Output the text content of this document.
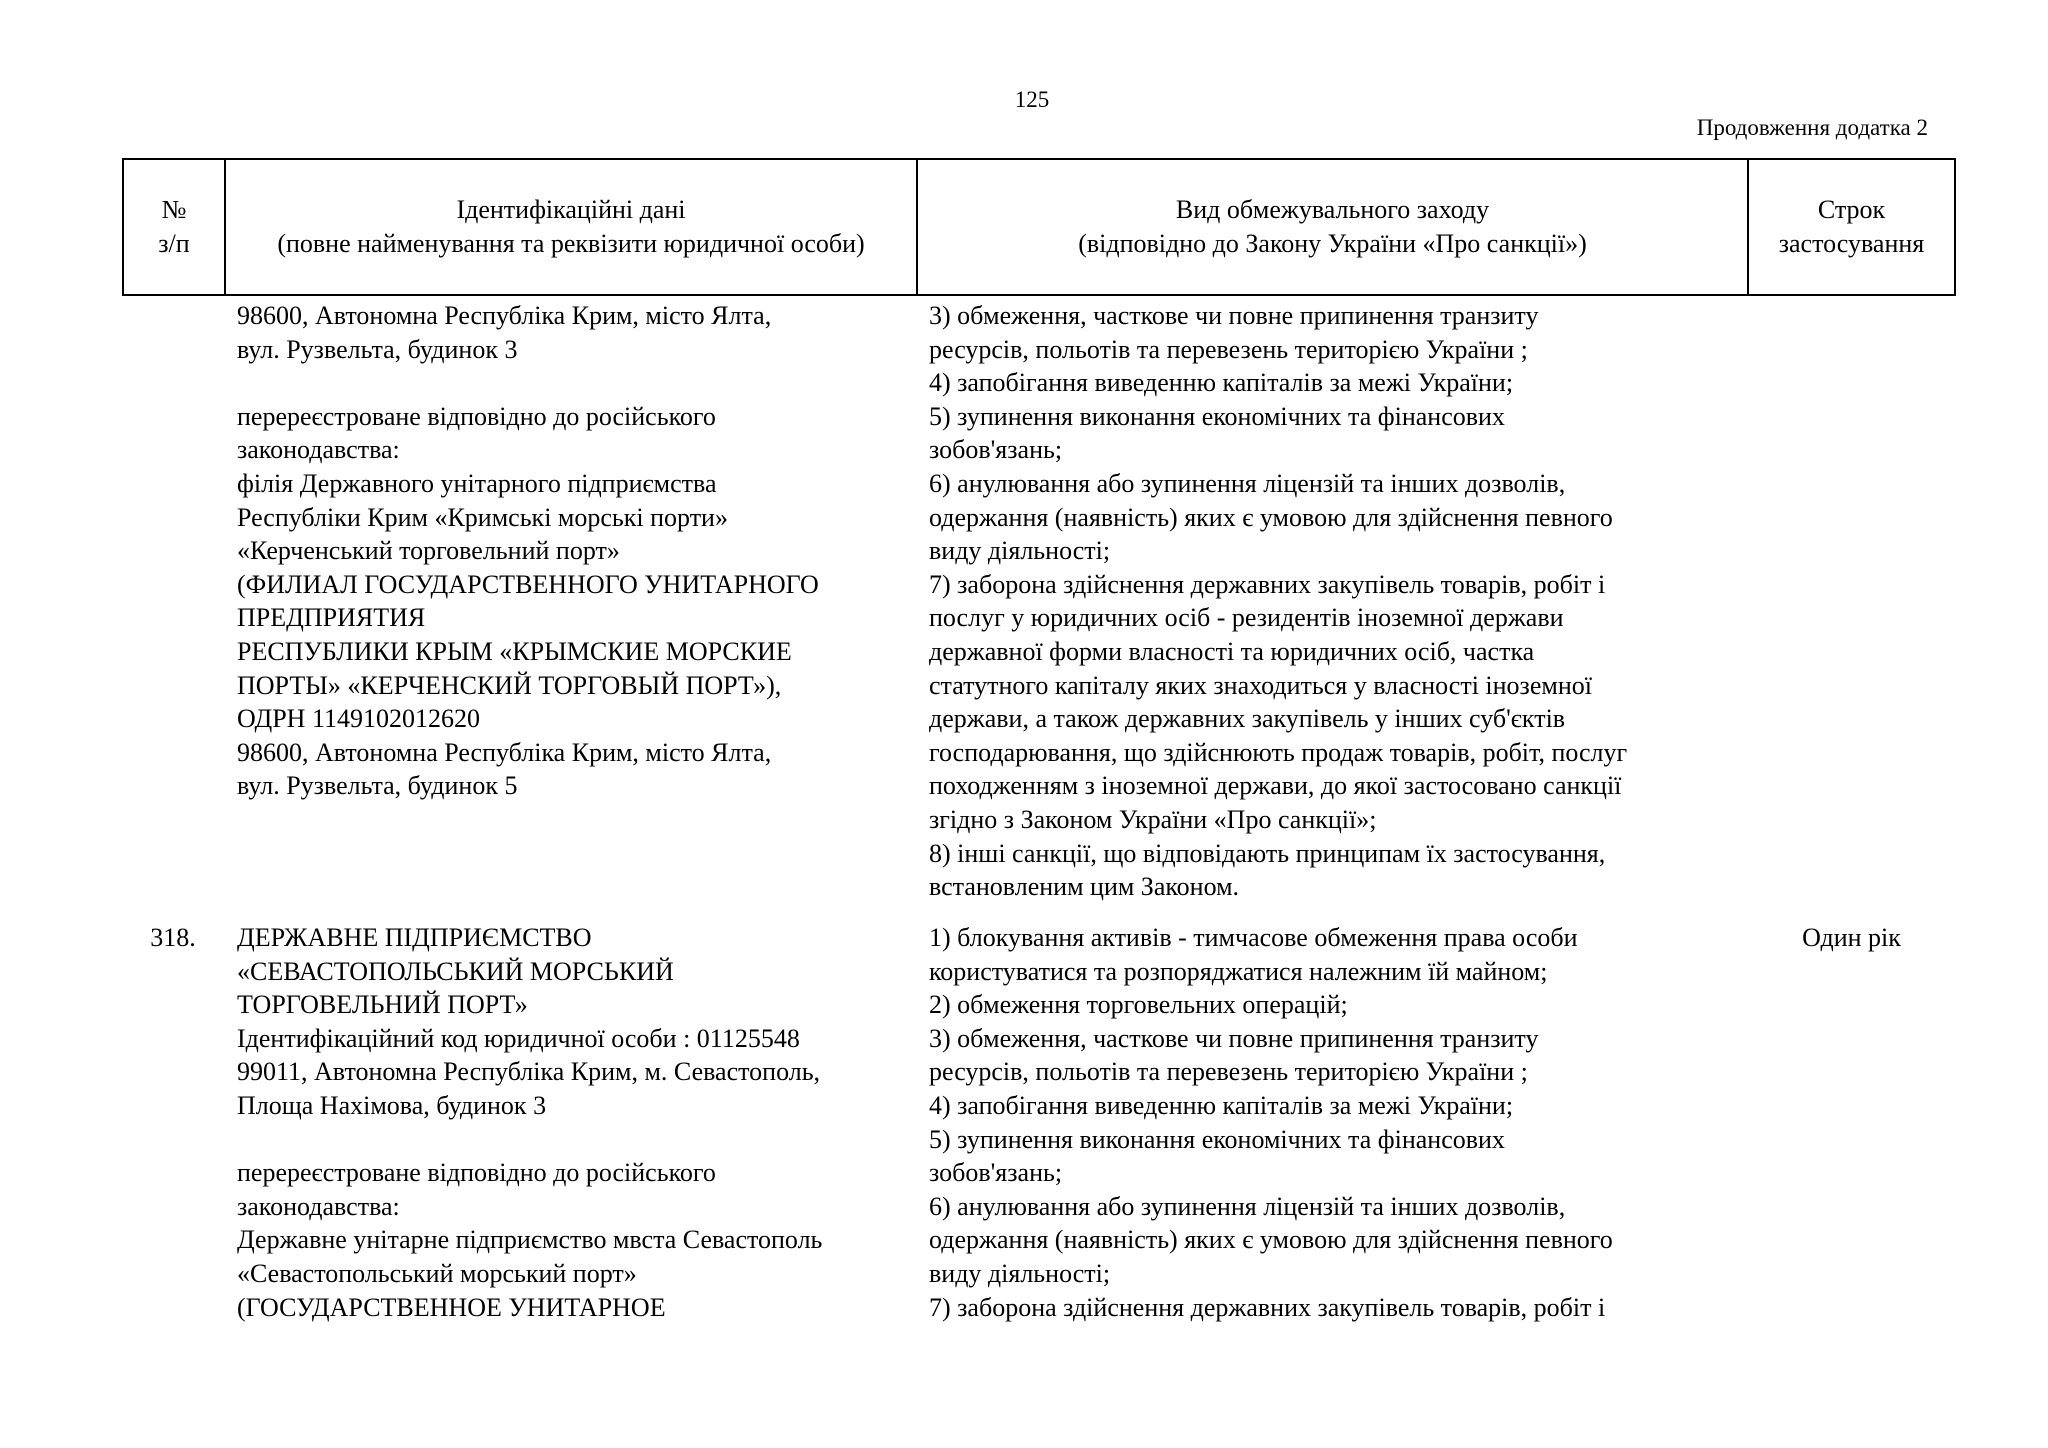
125
Продовження додатка 2
№
з/п
Ідентифікаційні дані
(повне найменування та реквізити юридичної особи)
Вид обмежувального заходу
(відповідно до Закону України «Про санкції»)
Строк
застосування
98600, Автономна Республіка Крим, місто Ялта,
вул. Рузвельта, будинок 3
перереєстроване відповідно до російського
законодавства:
філія Державного унітарного підприємства
Республіки Крим «Кримські морські порти»
«Керченський торговельний порт»
(ФИЛИАЛ ГОСУДАРСТВЕННОГО УНИТАРНОГО
ПРЕДПРИЯТИЯ
РЕСПУБЛИКИ КРЫМ «КРЫМСКИЕ МОРСКИЕ
ПОРТЫ» «КЕРЧЕНСКИЙ ТОРГОВЫЙ ПОРТ»),
ОДРН 1149102012620
98600, Автономна Республіка Крим, місто Ялта,
вул. Рузвельта, будинок 5
3) обмеження, часткове чи повне припинення транзиту
ресурсів, польотів та перевезень територією України ;
4) запобігання виведенню капіталів за межі України;
5) зупинення виконання економічних та фінансових
зобов'язань;
6) анулювання або зупинення ліцензій та інших дозволів,
одержання (наявність) яких є умовою для здійснення певного
виду діяльності;
7) заборона здійснення державних закупівель товарів, робіт і
послуг у юридичних осіб - резидентів іноземної держави
державної форми власності та юридичних осіб, частка
статутного капіталу яких знаходиться у власності іноземної
держави, а також державних закупівель у інших суб'єктів
господарювання, що здійснюють продаж товарів, робіт, послуг
походженням з іноземної держави, до якої застосовано санкції
згідно з Законом України «Про санкції»;
8) інші санкції, що відповідають принципам їх застосування,
встановленим цим Законом.
318.	ДЕРЖАВНЕ ПІДПРИЄМСТВО
«СЕВАСТОПОЛЬСЬКИЙ МОРСЬКИЙ
ТОРГОВЕЛЬНИЙ ПОРТ»
Ідентифікаційний код юридичної особи : 01125548
99011, Автономна Республіка Крим, м. Севастополь,
Площа Нахімова, будинок 3
перереєстроване відповідно до російського
законодавства:
Державне унітарне підприємство мвста Севастополь
«Севастопольський морський порт»
(ГОСУДАРСТВЕННОЕ УНИТАРНОЕ
1) блокування активів - тимчасове обмеження права особи
користуватися та розпоряджатися належним їй майном;
2) обмеження торговельних операцій;
3) обмеження, часткове чи повне припинення транзиту
ресурсів, польотів та перевезень територією України ;
4) запобігання виведенню капіталів за межі України;
5) зупинення виконання економічних та фінансових
зобов'язань;
6) анулювання або зупинення ліцензій та інших дозволів,
одержання (наявність) яких є умовою для здійснення певного
виду діяльності;
7) заборона здійснення державних закупівель товарів, робіт і
Один рік
